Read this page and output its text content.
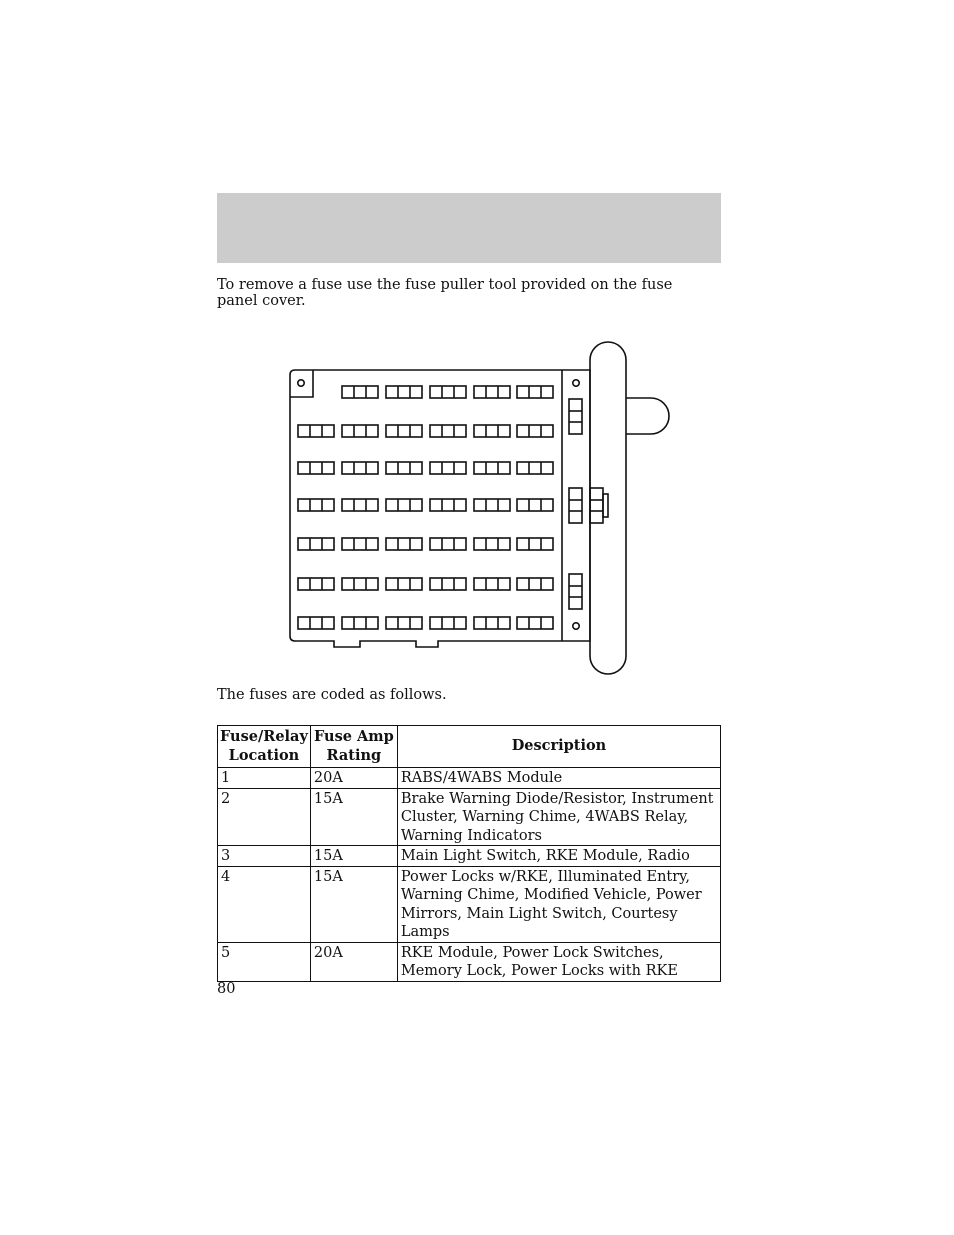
To remove a fuse use the fuse puller tool provided on the fuse panel cover.

The fuses are coded as follows.

Fuse/Relay Location	Fuse Amp Rating	Description
1	20A	RABS/4WABS Module
2	15A	Brake Warning Diode/Resistor, Instrument Cluster, Warning Chime, 4WABS Relay, Warning Indicators
3	15A	Main Light Switch, RKE Module, Radio
4	15A	Power Locks w/RKE, Illuminated Entry, Warning Chime, Modified Vehicle, Power Mirrors, Main Light Switch, Courtesy Lamps
5	20A	RKE Module, Power Lock Switches, Memory Lock, Power Locks with RKE

80
